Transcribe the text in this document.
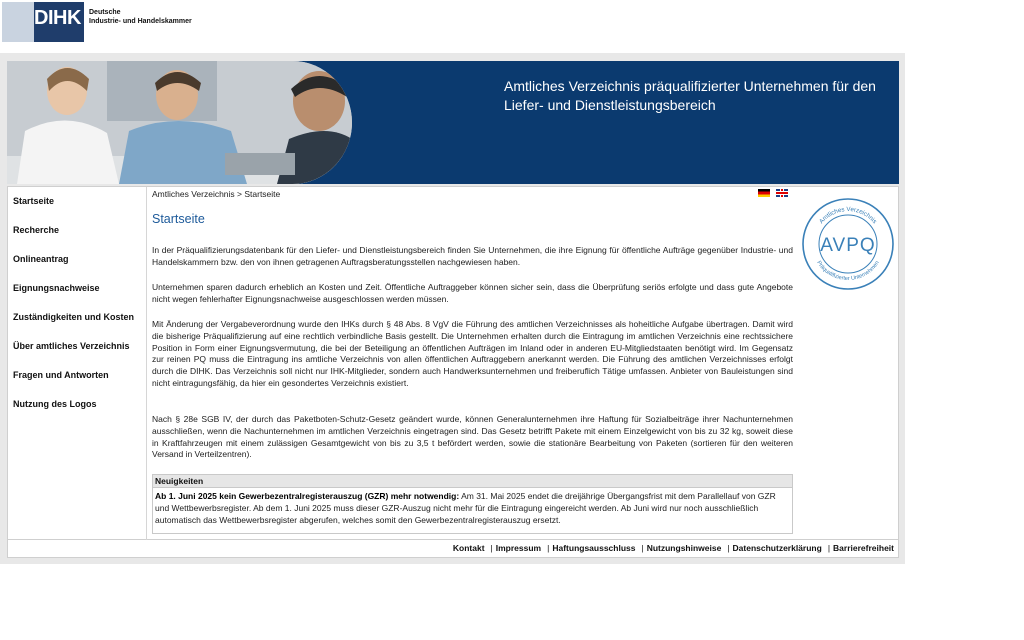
DIHK Deutsche
Industrie- und Handelskammer
Amtliches Verzeichnis präqualifizierter Unternehmen für den
Liefer- und Dienstleistungsbereich
Startseite
Recherche
Onlineantrag
Eignungsnachweise
Zuständigkeiten und Kosten
Über amtliches Verzeichnis
Fragen und Antworten
Nutzung des Logos
Amtliches Verzeichnis > Startseite

Startseite

In der Präqualifizierungsdatenbank für den Liefer- und Dienstleistungsbereich finden Sie Unternehmen, die ihre Eignung für öffentliche Aufträge gegenüber Industrie- und Handelskammern bzw. den von ihnen getragenen Auftragsberatungsstellen nachgewiesen haben.

Unternehmen sparen dadurch erheblich an Kosten und Zeit. Öffentliche Auftraggeber können sicher sein, dass die Überprüfung seriös erfolgte und dass gute Angebote nicht wegen fehlerhafter Eignungsnachweise ausgeschlossen werden müssen.

Mit Änderung der Vergabeverordnung wurde den IHKs durch § 48 Abs. 8 VgV die Führung des amtlichen Verzeichnisses als hoheitliche Aufgabe übertragen. Damit wird die bisherige Präqualifizierung auf eine rechtlich verbindliche Basis gestellt. Die Unternehmen erhalten durch die Eintragung im amtlichen Verzeichnis eine rechtssichere Position in Form einer Eignungsvermutung, die bei der Beteiligung an öffentlichen Aufträgen im Inland oder in anderen EU-Mitgliedstaaten benötigt wird. Im Gegensatz zur reinen PQ muss die Eintragung ins amtliche Verzeichnis von allen öffentlichen Auftraggebern anerkannt werden. Die Führung des amtlichen Verzeichnisses erfolgt durch die DIHK. Das Verzeichnis soll nicht nur IHK-Mitglieder, sondern auch Handwerksunternehmen und freiberuflich Tätige umfassen. Anbieter von Bauleistungen sind nicht eintragungsfähig, da hier ein gesondertes Verzeichnis existiert.

Nach § 28e SGB IV, der durch das Paketboten-Schutz-Gesetz geändert wurde, können Generalunternehmen ihre Haftung für Sozialbeiträge ihrer Nachunternehmen ausschließen, wenn die Nachunternehmen im amtlichen Verzeichnis eingetragen sind. Das Gesetz betrifft Pakete mit einem Einzelgewicht von bis zu 32 kg, soweit diese in Kraftfahrzeugen mit einem zulässigen Gesamtgewicht von bis zu 3,5 t befördert werden, sowie die stationäre Bearbeitung von Paketen (sortieren für den weiteren Versand in Verteilzentren).

Neuigkeiten
Ab 1. Juni 2025 kein Gewerbezentralregisterauszug (GZR) mehr notwendig: Am 31. Mai 2025 endet die dreijährige Übergangsfrist mit dem Parallellauf von GZR und Wettbewerbsregister. Ab dem 1. Juni 2025 muss dieser GZR-Auszug nicht mehr für die Eintragung eingereicht werden. Ab Juni wird nur noch ausschließlich automatisch das Wettbewerbsregister abgerufen, welches somit den Gewerbezentralregisterauszug ersetzt.
Amtliches Verzeichnis
Präqualifizierter Unternehmen
AVPQ
Kontakt | Impressum | Haftungsausschluss | Nutzungshinweise | Datenschutzerklärung | Barrierefreiheit
